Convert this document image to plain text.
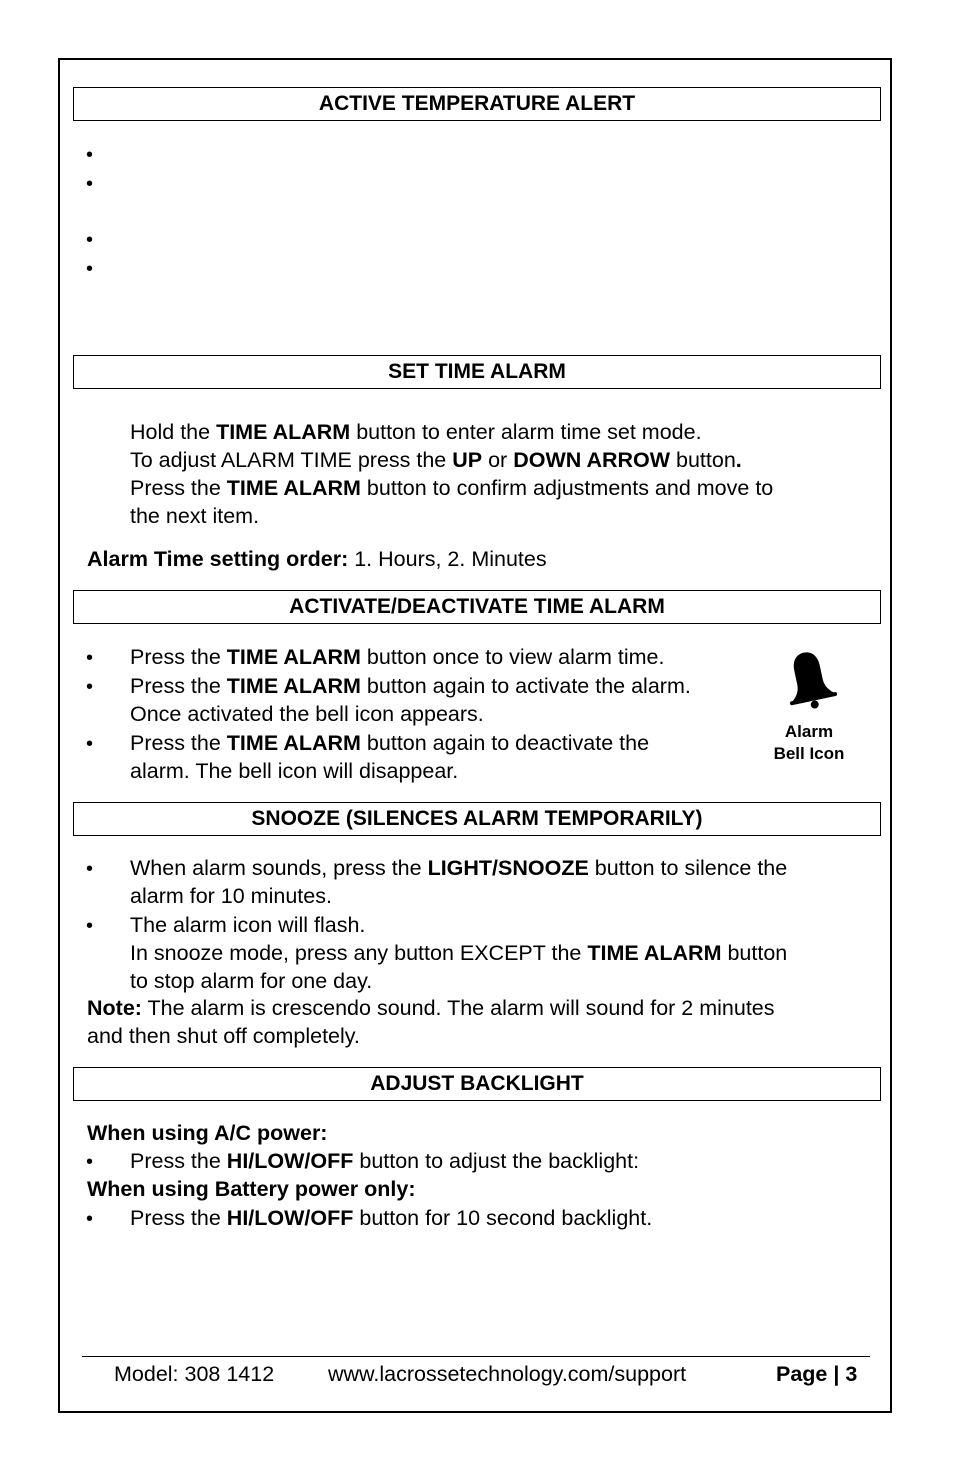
ACTIVE TEMPERATURE ALERT
•
•
•
•
SET TIME ALARM
Hold the TIME ALARM button to enter alarm time set mode.
To adjust ALARM TIME press the UP or DOWN ARROW button.
Press the TIME ALARM button to confirm adjustments and move to
the next item.
Alarm Time setting order: 1. Hours, 2. Minutes
ACTIVATE/DEACTIVATE TIME ALARM
• Press the TIME ALARM button once to view alarm time.
• Press the TIME ALARM button again to activate the alarm.
Once activated the bell icon appears.
• Press the TIME ALARM button again to deactivate the
alarm. The bell icon will disappear.
Alarm
Bell Icon
SNOOZE (SILENCES ALARM TEMPORARILY)
• When alarm sounds, press the LIGHT/SNOOZE button to silence the
alarm for 10 minutes.
• The alarm icon will flash.
In snooze mode, press any button EXCEPT the TIME ALARM button
to stop alarm for one day.
Note: The alarm is crescendo sound. The alarm will sound for 2 minutes
and then shut off completely.
ADJUST BACKLIGHT
When using A/C power:
• Press the HI/LOW/OFF button to adjust the backlight:
When using Battery power only:
• Press the HI/LOW/OFF button for 10 second backlight.
Model: 308 1412	www.lacrossetechnology.com/support	Page | 3
